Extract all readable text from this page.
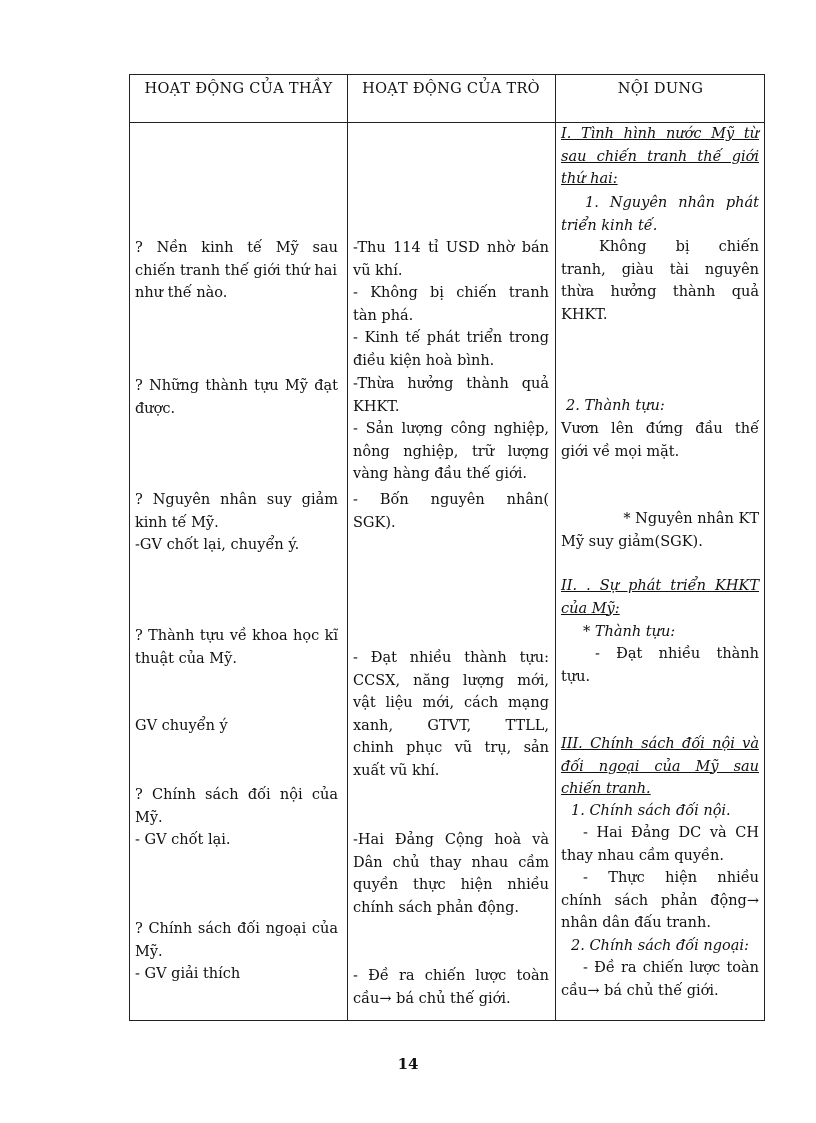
HOẠT ĐỘNG CỦA THẦY	HOẠT ĐỘNG CỦA TRÒ	NỘI DUNG
? Nền kinh tế Mỹ sau
chiến tranh thế giới thứ hai
như thế nào.
? Những thành tựu Mỹ đạt
được.
? Nguyên nhân suy giảm
kinh tế Mỹ.
-GV chốt lại, chuyển ý.
? Thành tựu về khoa học kĩ
thuật của Mỹ.
GV chuyển ý
? Chính sách đối nội của
Mỹ.
- GV chốt lại.
? Chính sách đối ngoại của
Mỹ.
- GV giải thích
-Thu 114 tỉ USD nhờ bán
vũ khí.
- Không bị chiến tranh
tàn phá.
- Kinh tế phát triển trong
điều kiện hoà bình.
-Thừa hưởng thành quả
KHKT.
- Sản lượng công nghiệp,
nông nghiệp, trữ lượng
vàng hàng đầu thế giới.
- Bốn nguyên nhân(
SGK).
- Đạt nhiều thành tựu:
CCSX, năng lượng mới,
vật liệu mới, cách mạng
xanh, GTVT, TTLL,
chinh phục vũ trụ, sản
xuất vũ khí.
-Hai Đảng Cộng hoà và
Dân chủ thay nhau cầm
quyền thực hiện nhiều
chính sách phản động.
- Đề ra chiến lược toàn
cầu→ bá chủ thế giới.
I. Tình hình nước Mỹ từ
sau chiến tranh thế giới
thứ hai:
1. Nguyên nhân phát
triển kinh tế.
Không bị chiến
tranh, giàu tài nguyên
thừa hưởng thành quả
KHKT.
2. Thành tựu:
Vươn lên đứng đầu thế
giới về mọi mặt.
* Nguyên nhân KT
Mỹ suy giảm(SGK).
II. . Sự phát triển KHKT
của Mỹ:
* Thành tựu:
- Đạt nhiều thành
tựu.
III. Chính sách đối nội và
đối ngoại của Mỹ sau
chiến tranh.
1. Chính sách đối nội.
- Hai Đảng DC và CH
thay nhau cầm quyền.
- Thực hiện nhiều
chính sách phản động→
nhân dân đấu tranh.
2. Chính sách đối ngoại:
- Đề ra chiến lược toàn
cầu→ bá chủ thế giới.
14
